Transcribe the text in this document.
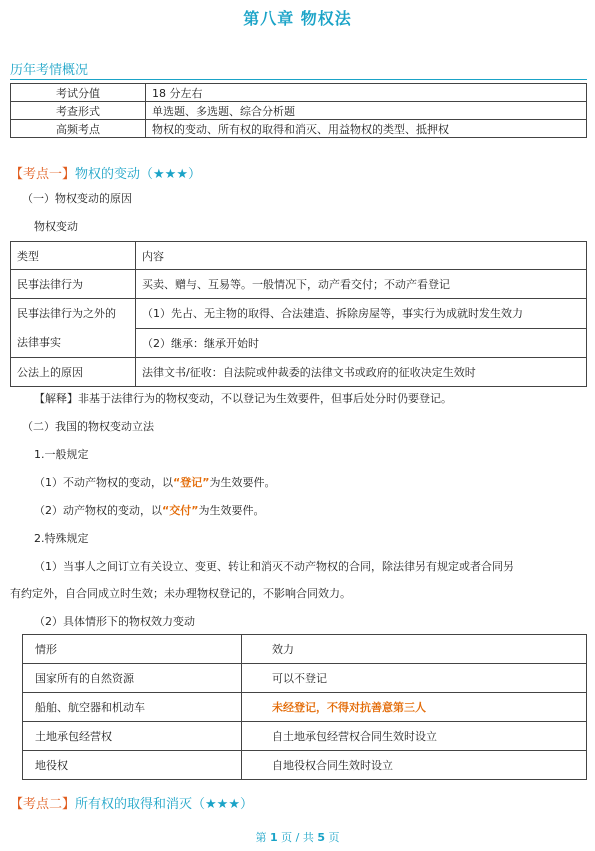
第八章 物权法
历年考情概况
考试分值	18 分左右
考查形式	单选题、多选题、综合分析题
高频考点	物权的变动、所有权的取得和消灭、用益物权的类型、抵押权
【考点一】物权的变动（★★★）
（一）物权变动的原因
物权变动
类型	内容
民事法律行为	买卖、赠与、互易等。一般情况下，动产看交付；不动产看登记

民事法律行为之外的
法律事实	（1）先占、无主物的取得、合法建造、拆除房屋等，事实行为成就时发生效力
	（2）继承：继承开始时
公法上的原因	法律文书/征收：自法院或仲裁委的法律文书或政府的征收决定生效时
【解释】非基于法律行为的物权变动，不以登记为生效要件，但事后处分时仍要登记。
（二）我国的物权变动立法
1.一般规定
（1）不动产物权的变动，以“登记”为生效要件。
（2）动产物权的变动，以“交付”为生效要件。
2.特殊规定
（1）当事人之间订立有关设立、变更、转让和消灭不动产物权的合同，除法律另有规定或者合同另
有约定外，自合同成立时生效；未办理物权登记的，不影响合同效力。
（2）具体情形下的物权效力变动
情形	效力
国家所有的自然资源	可以不登记
船舶、航空器和机动车	未经登记，不得对抗善意第三人
土地承包经营权	自土地承包经营权合同生效时设立
地役权	自地役权合同生效时设立
【考点二】所有权的取得和消灭（★★★）
第 1 页 / 共 5 页
